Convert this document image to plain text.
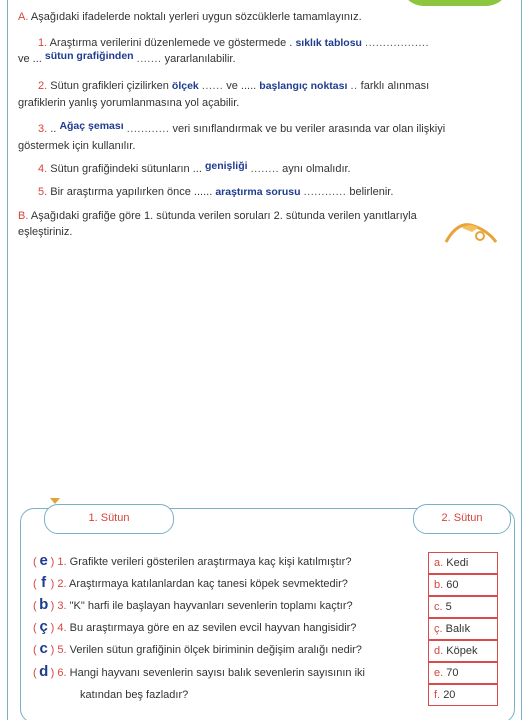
A. Aşağıdaki ifadelerde noktalı yerleri uygun sözcüklerle tamamlayınız.
1. Araştırma verilerini düzenlemede ve göstermede . sıklık tablosu ..................
ve ... sütun grafiğinden ....... yararlanılabilir.
2. Sütun grafikleri çizilirken ölçek ...... ve ..... başlangıç noktası .. farklı alınması
grafiklerin yanlış yorumlanmasına yol açabilir.
3. .. Ağaç şeması ............ veri sınıflandırmak ve bu veriler arasında var olan ilişkiyi
göstermek için kullanılır.
4. Sütun grafiğindeki sütunların ... genişliği ........ aynı olmalıdır.
5. Bir araştırma yapılırken önce ...... araştırma sorusu ............ belirlenir.
B. Aşağıdaki grafiğe göre 1. sütunda verilen soruları 2. sütunda verilen yanıtlarıyla
eşleştiriniz.
1. Sütun	2. Sütun
( e ) 1. Grafikte verileri gösterilen araştırmaya kaç kişi katılmıştır?
( f ) 2. Araştırmaya katılanlardan kaç tanesi köpek sevmektedir?
( b ) 3. "K" harfi ile başlayan hayvanları sevenlerin toplamı kaçtır?
( ç ) 4. Bu araştırmaya göre en az sevilen evcil hayvan hangisidir?
( c ) 5. Verilen sütun grafiğinin ölçek biriminin değişim aralığı nedir?
( d ) 6. Hangi hayvanı sevenlerin sayısı balık sevenlerin sayısının iki
katından beş fazladır?
a. Kedi
b. 60
c. 5
ç. Balık
d. Köpek
e. 70
f. 20
